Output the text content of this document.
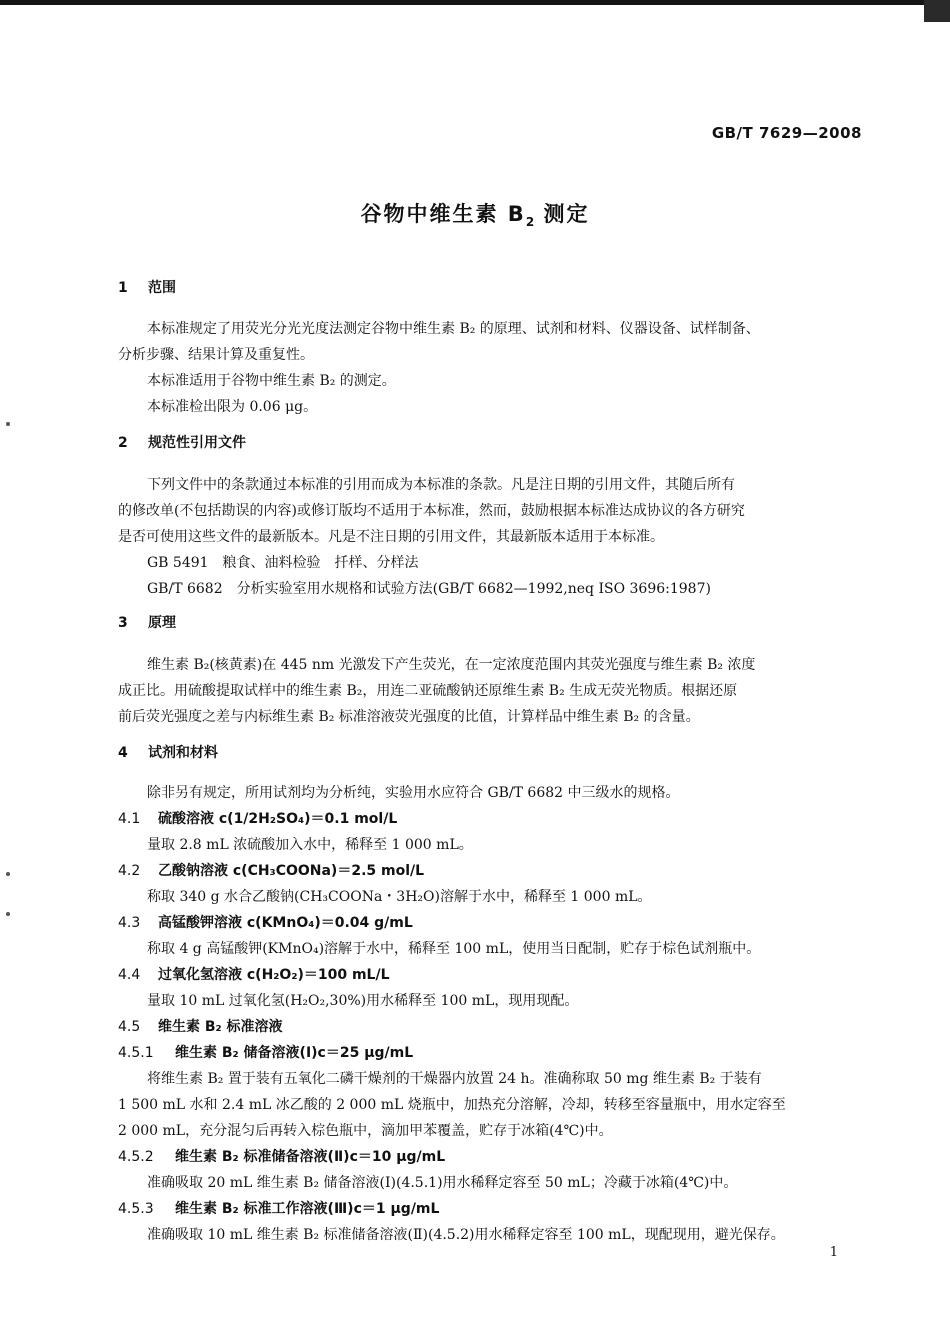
GB/T 7629—2008
谷物中维生素 $B_2$ 测定
1 范围
本标准规定了用荧光分光光度法测定谷物中维生素 B₂ 的原理、试剂和材料、仪器设备、试样制备、
分析步骤、结果计算及重复性。
本标准适用于谷物中维生素 B₂ 的测定。
本标准检出限为 0.06 μg。
2 规范性引用文件
下列文件中的条款通过本标准的引用而成为本标准的条款。凡是注日期的引用文件，其随后所有
的修改单(不包括勘误的内容)或修订版均不适用于本标准，然而，鼓励根据本标准达成协议的各方研究
是否可使用这些文件的最新版本。凡是不注日期的引用文件，其最新版本适用于本标准。
GB 5491　粮食、油料检验　扦样、分样法
GB/T 6682　分析实验室用水规格和试验方法(GB/T 6682—1992,neq ISO 3696:1987)
3 原理
维生素 B₂(核黄素)在 445 nm 光激发下产生荧光，在一定浓度范围内其荧光强度与维生素 B₂ 浓度
成正比。用硫酸提取试样中的维生素 B₂，用连二亚硫酸钠还原维生素 B₂ 生成无荧光物质。根据还原
前后荧光强度之差与内标维生素 B₂ 标准溶液荧光强度的比值，计算样品中维生素 B₂ 的含量。
4 试剂和材料
除非另有规定，所用试剂均为分析纯，实验用水应符合 GB/T 6682 中三级水的规格。
4.1 硫酸溶液 c(1/2H₂SO₄)＝0.1 mol/L
量取 2.8 mL 浓硫酸加入水中，稀释至 1 000 mL。
4.2 乙酸钠溶液 c(CH₃COONa)＝2.5 mol/L
称取 340 g 水合乙酸钠(CH₃COONa・3H₂O)溶解于水中，稀释至 1 000 mL。
4.3 高锰酸钾溶液 c(KMnO₄)＝0.04 g/mL
称取 4 g 高锰酸钾(KMnO₄)溶解于水中，稀释至 100 mL，使用当日配制，贮存于棕色试剂瓶中。
4.4 过氧化氢溶液 c(H₂O₂)＝100 mL/L
量取 10 mL 过氧化氢(H₂O₂,30%)用水稀释至 100 mL，现用现配。
4.5 维生素 B₂ 标准溶液
4.5.1 维生素 B₂ 储备溶液(Ⅰ)c＝25 μg/mL
将维生素 B₂ 置于装有五氧化二磷干燥剂的干燥器内放置 24 h。准确称取 50 mg 维生素 B₂ 于装有
1 500 mL 水和 2.4 mL 冰乙酸的 2 000 mL 烧瓶中，加热充分溶解，冷却，转移至容量瓶中，用水定容至
2 000 mL，充分混匀后再转入棕色瓶中，滴加甲苯覆盖，贮存于冰箱(4℃)中。
4.5.2 维生素 B₂ 标准储备溶液(Ⅱ)c＝10 μg/mL
准确吸取 20 mL 维生素 B₂ 储备溶液(Ⅰ)(4.5.1)用水稀释定容至 50 mL；冷藏于冰箱(4℃)中。
4.5.3 维生素 B₂ 标准工作溶液(Ⅲ)c＝1 μg/mL
准确吸取 10 mL 维生素 B₂ 标准储备溶液(Ⅱ)(4.5.2)用水稀释定容至 100 mL，现配现用，避光保存。
1
